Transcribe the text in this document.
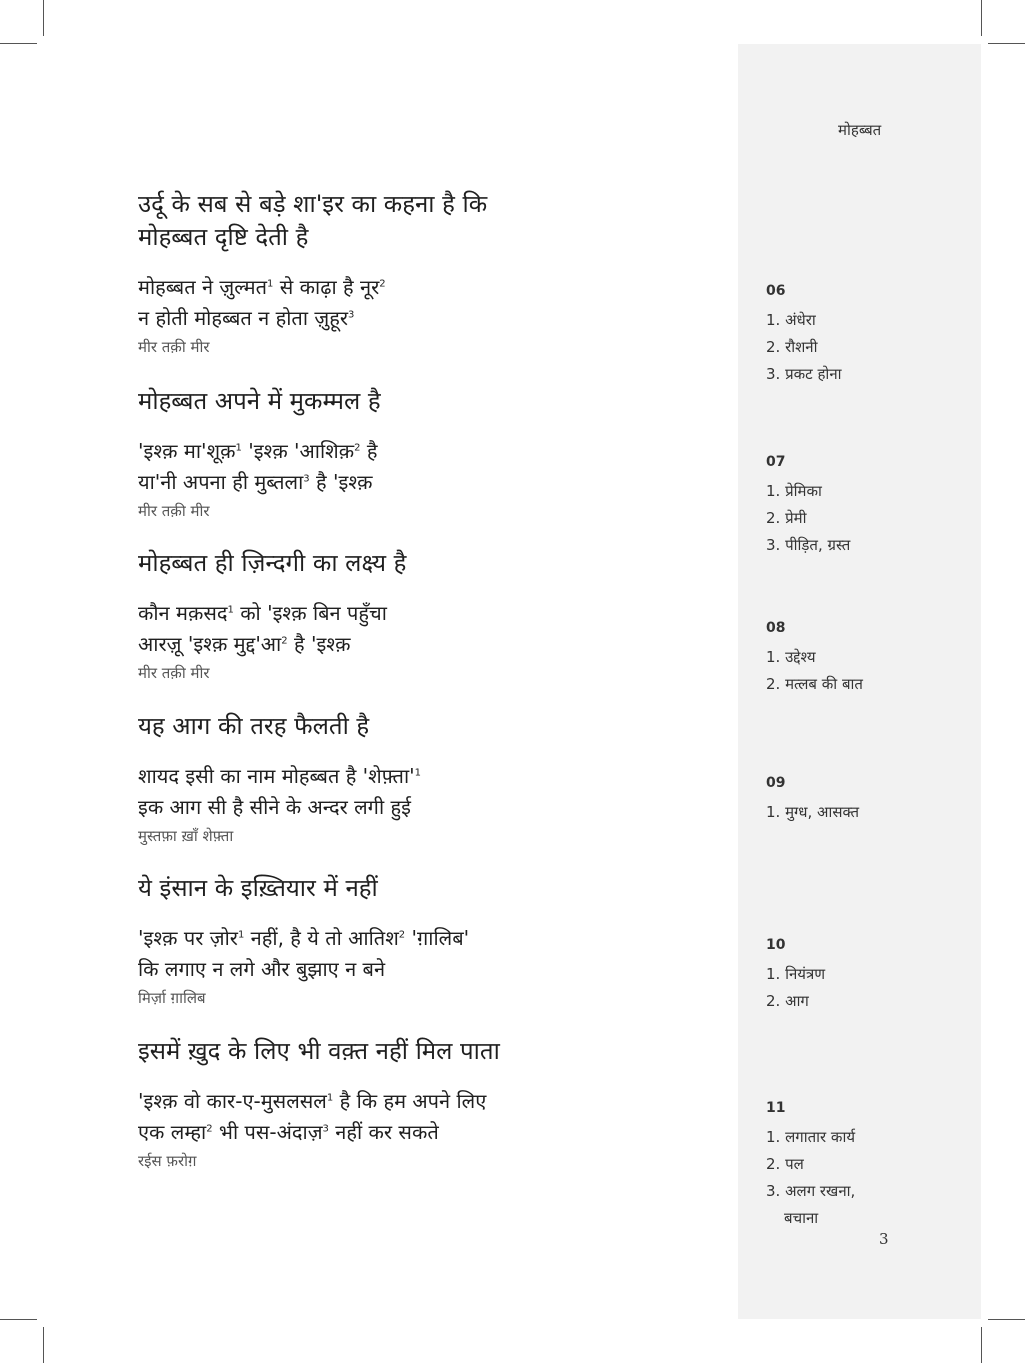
मोहब्बत
उर्दू के सब से बड़े शा'इर का कहना है कि
मोहब्बत दृष्टि देती है
मोहब्बत ने ज़ुल्मत$^1$ से काढ़ा है नूर$^2$
न होती मोहब्बत न होता ज़ुहूर$^3$
मीर तक़ी मीर
मोहब्बत अपने में मुकम्मल है
'इश्क़ मा'शूक़$^1$ 'इश्क़ 'आशिक़$^2$ है
या'नी अपना ही मुब्तला$^3$ है 'इश्क़
मीर तक़ी मीर
मोहब्बत ही ज़िन्दगी का लक्ष्य है
कौन मक़सद$^1$ को 'इश्क़ बिन पहुँचा
आरज़ू 'इश्क़ मुद्द'आ$^2$ है 'इश्क़
मीर तक़ी मीर
यह आग की तरह फैलती है
शायद इसी का नाम मोहब्बत है '$शेफ़्ता'^1$
इक आग सी है सीने के अन्दर लगी हुई
मुस्तफ़ा ख़ाँ शेफ़्ता
ये इंसान के इख़्तियार में नहीं
'इश्क़ पर ज़ोर$^1$ नहीं, है ये तो आतिश$^2$ 'ग़ालिब'
कि लगाए न लगे और बुझाए न बने
मिर्ज़ा ग़ालिब
इसमें ख़ुद के लिए भी वक़्त नहीं मिल पाता
'इश्क़ वो कार-ए-मुसलसल$^1$ है कि हम अपने लिए
एक लम्हा$^2$ भी पस-अंदाज़$^3$ नहीं कर सकते
रईस फ़रोग़
06
1. अंधेरा
2. रौशनी
3. प्रकट होना
07
1. प्रेमिका
2. प्रेमी
3. पीड़ित, ग्रस्त
08
1. उद्देश्य
2. मत्लब की बात
09
1. मुग्ध, आसक्त
10
1. नियंत्रण
2. आग
11
1. लगातार कार्य
2. पल
3. अलग रखना,
बचाना
3
